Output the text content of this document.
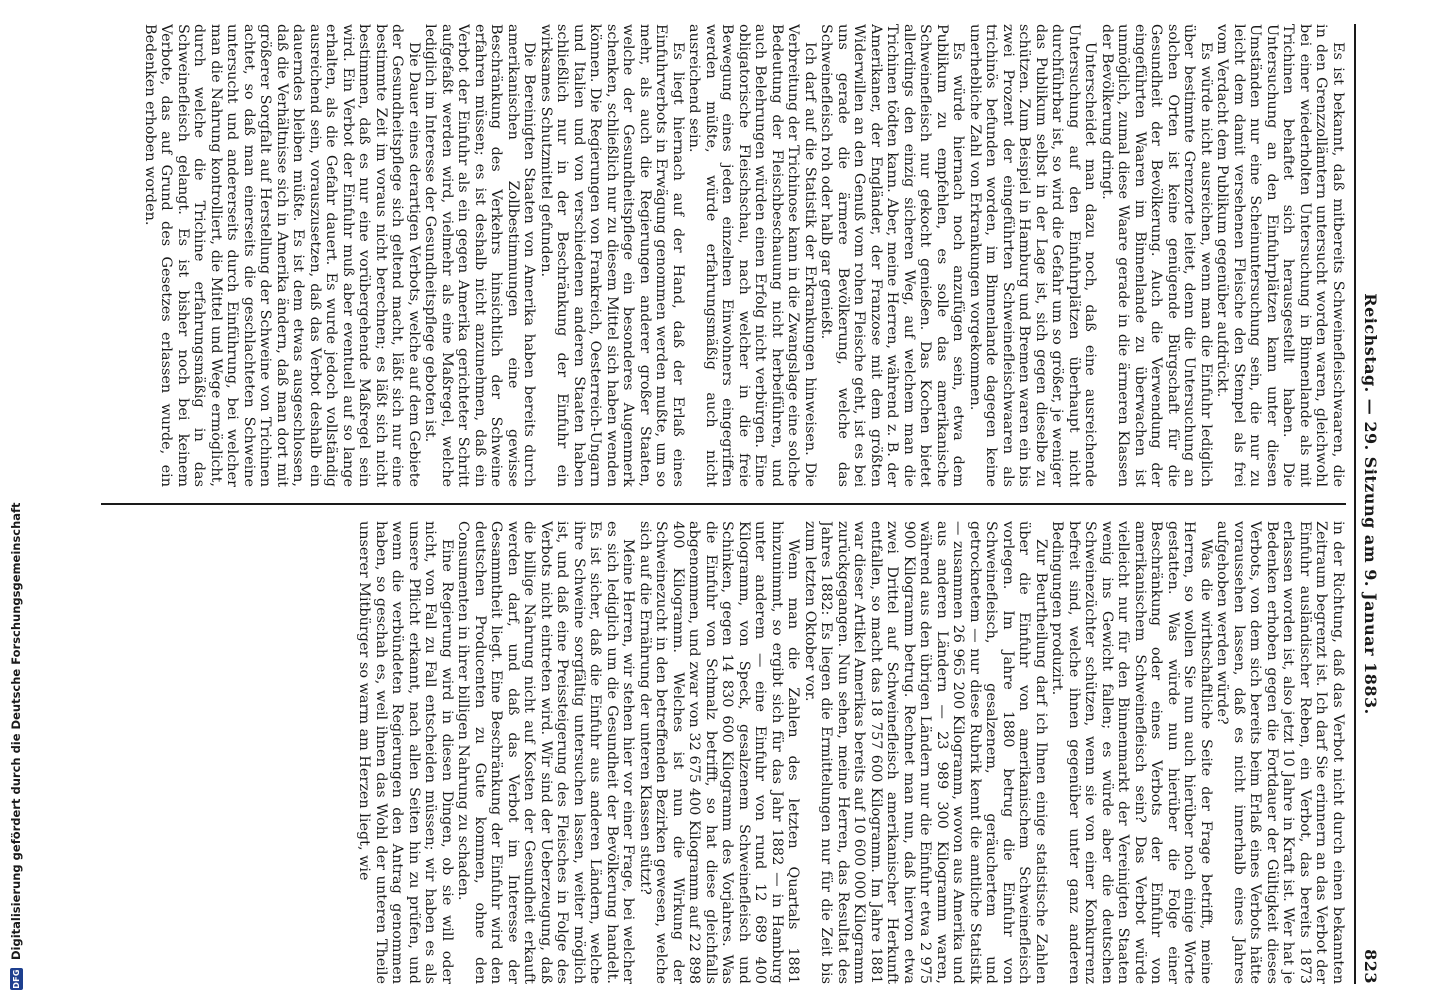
DFG
Digitalisierung gefördert durch die Deutsche Forschungsgemeinschaft	Reichstag. — 29. Sitzung am 9. Januar 1883.
823

Es ist bekannt, daß mitbereits Schweinefleischwaaren, die in den Grenzzollämtern untersucht worden waren, gleichwohl bei einer wiederholten Untersuchung in Binnenlande als mit Trichinen behaftet sich herausgestellt haben. Die Untersuchung an den Einfuhrplätzen kann unter diesen Umständen nur eine Scheinuntersuchung sein, die nur zu leicht dem damit versehenen Fleische den Stempel als frei vom Verdacht dem Publikum gegenüber aufdrückt.

Es würde nicht ausreichen, wenn man die Einfuhr lediglich über bestimmte Grenzorte leitet, denn die Untersuchung an solchen Orten ist keine genügende Bürgschaft für die Gesundheit der Bevölkerung. Auch die Verwendung der eingeführten Waaren im Binnenlande zu überwachen ist unmöglich, zumal diese Waare gerade in die ärmeren Klassen der Bevölkerung dringt.

Unterscheidet man dazu noch, daß eine ausreichende Untersuchung auf den Einfuhrplätzen überhaupt nicht durchführbar ist, so wird die Gefahr um so größer, je weniger das Publikum selbst in der Lage ist, sich gegen dieselbe zu schützen. Zum Beispiel in Hamburg und Bremen waren ein bis zwei Prozent der eingeführten Schweinefleischwaaren als trichinös befunden worden, im Binnenlande dagegen keine unerhebliche Zahl von Erkrankungen vorgekommen.

Es würde hiernach noch anzufügen sein, etwa dem Publikum zu empfehlen, es solle das amerikanische Schweinefleisch nur gekocht genießen. Das Kochen bietet allerdings den einzig sicheren Weg, auf welchem man die Trichinen tödten kann. Aber, meine Herren, während z. B. der Amerikaner, der Engländer, der Franzose mit dem größten Widerwillen an den Genuß vom rohen Fleische geht, ist es bei uns gerade die ärmere Bevölkerung, welche das Schweinefleisch roh oder halb gar genießt.

Ich darf auf die Statistik der Erkrankungen hinweisen. Die Verbreitung der Trichinose kann in die Zwangslage eine solche Bedeutung der Fleischbeschauung nicht herbeiführen, und auch Belehrungen würden einen Erfolg nicht verbürgen. Eine obligatorische Fleischschau, nach welcher in die freie Bewegung eines jeden einzelnen Einwohners eingegriffen werden müßte, würde erfahrungsmäßig auch nicht ausreichend sein.

Es liegt hiernach auf der Hand, daß der Erlaß eines Einfuhrverbots in Erwägung genommen werden mußte, um so mehr, als auch die Regierungen anderer großer Staaten, welche der Gesundheitspflege ein besonderes Augenmerk schenken, schließlich nur zu diesem Mittel sich haben wenden können. Die Regierungen von Frankreich, Oesterreich-Ungarn und Italien und von verschiedenen anderen Staaten haben schließlich nur in der Beschränkung der Einfuhr ein wirksames Schutzmittel gefunden.

Die Bereinigten Staaten von Amerika haben bereits durch amerikanischen Zollbestimmungen eine gewisse Beschränkung des Verkehrs hinsichtlich der Schweine erfahren müssen; es ist deshalb nicht anzunehmen, daß ein Verbot der Einfuhr als ein gegen Amerika gerichteter Schritt aufgefaßt werden wird, vielmehr als eine Maßregel, welche lediglich im Interesse der Gesundheitspflege geboten ist.

Die Dauer eines derartigen Verbots, welche auf dem Gebiete der Gesundheitspflege sich geltend macht, läßt sich nur eine bestimmte Zeit im voraus nicht berechnen; es läßt sich nicht bestimmen, daß es nur eine vorübergehende Maßregel sein wird. Ein Verbot der Einfuhr muß aber eventuell auf so lange erhalten, als die Gefahr dauert. Es wurde jedoch vollständig ausreichend sein, vorauszusetzen, daß das Verbot deshalb ein dauerndes bleiben müßte. Es ist dem etwas ausgeschlossen, daß die Verhältnisse sich in Amerika ändern, daß man dort mit größerer Sorgfalt auf Herstellung der Schweine von Trichinen achtet, so daß man einerseits die geschlachteten Schweine untersucht und andererseits durch Einführung, bei welcher man die Nahrung kontrolliert, die Mittel und Wege ermöglicht, durch welche die Trichine erfahrungsmäßig in das Schweinefleisch gelangt. Es ist bisher noch bei keinem Verbote, das auf Grund des Gesetzes erlassen wurde, ein Bedenken erhoben worden.

in der Richtung, daß das Verbot nicht durch einen bekannten Zeitraum begrenzt ist. Ich darf Sie erinnern an das Verbot der Einfuhr ausländischer Reben, ein Verbot, das bereits 1873 erlassen worden ist, also jetzt 10 Jahre in Kraft ist. Wer hat je Bedenken erhoben gegen die Fortdauer der Gültigkeit dieses Verbots, von dem sich bereits beim Erlaß eines Verbots hätte voraussehen lassen, daß es nicht innerhalb eines Jahres aufgehoben werden würde?

Was die wirthschaftliche Seite der Frage betrifft, meine Herren, so wollen Sie nun auch hierüber noch einige Worte gestatten. Was würde nun hierüber die Folge einer Beschränkung oder eines Verbots der Einfuhr von amerikanischem Schweinefleisch sein? Das Verbot würde vielleicht nur für den Binnenmarkt der Vereinigten Staaten wenig ins Gewicht fallen; es würde aber die deutschen Schweinezüchter schützen, wenn sie von einer Konkurrenz befreit sind, welche ihnen gegenüber unter ganz anderen Bedingungen produzirt.

Zur Beurtheilung darf ich Ihnen einige statistische Zahlen über die Einfuhr von amerikanischem Schweinefleisch vorlegen. Im Jahre 1880 betrug die Einfuhr von Schweinefleisch, gesalzenem, geräuchertem und getrocknetem — nur diese Rubrik kennt die amtliche Statistik — zusammen 26 965 200 Kilogramm, wovon aus Amerika und aus anderen Ländern — 23 989 300 Kilogramm waren, während aus den übrigen Ländern nur die Einfuhr etwa 2 975 900 Kilogramm betrug. Rechnet man nun, daß hiervon etwa zwei Drittel auf Schweinefleisch amerikanischer Herkunft entfallen, so macht das 18 757 600 Kilogramm. Im Jahre 1881 war dieser Artikel Amerikas bereits auf 10 600 000 Kilogramm zurückgegangen. Nun sehen, meine Herren, das Resultat des Jahres 1882: Es liegen die Ermittelungen nur für die Zeit bis zum letzten Oktober vor.

Wenn man die Zahlen des letzten Quartals 1881 hinzunimmt, so ergibt sich für das Jahr 1882 — in Hamburg unter anderem — eine Einfuhr von rund 12 689 400 Kilogramm, von Speck, gesalzenem Schweinefleisch und Schinken, gegen 14 830 600 Kilogramm des Vorjahres. Was die Einfuhr von Schmalz betrifft, so hat diese gleichfalls abgenommen, und zwar von 32 675 400 Kilogramm auf 22 898 400 Kilogramm. Welches ist nun die Wirkung der Schweinezucht in den betreffenden Bezirken gewesen, welche sich auf die Ernährung der unteren Klassen stützt?

Meine Herren, wir stehen hier vor einer Frage, bei welcher es sich lediglich um die Gesundheit der Bevölkerung handelt. Es ist sicher, daß die Einfuhr aus anderen Ländern, welche ihre Schweine sorgfältig untersuchen lassen, weiter möglich ist, und daß eine Preissteigerung des Fleisches in Folge des Verbots nicht eintreten wird. Wir sind der Ueberzeugung, daß die billige Nahrung nicht auf Kosten der Gesundheit erkauft werden darf, und daß das Verbot im Interesse der Gesammtheit liegt. Eine Beschränkung der Einfuhr wird den deutschen Producenten zu Gute kommen, ohne den Consumenten in ihrer billigen Nahrung zu schaden.

Eine Regierung wird in diesen Dingen, ob sie will oder nicht, von Fall zu Fall entscheiden müssen; wir haben es als unsere Pflicht erkannt, nach allen Seiten hin zu prüfen, und wenn die verbündeten Regierungen den Antrag genommen haben, so geschah es, weil ihnen das Wohl der unteren Theile unserer Mitbürger so warm am Herzen liegt, wie
